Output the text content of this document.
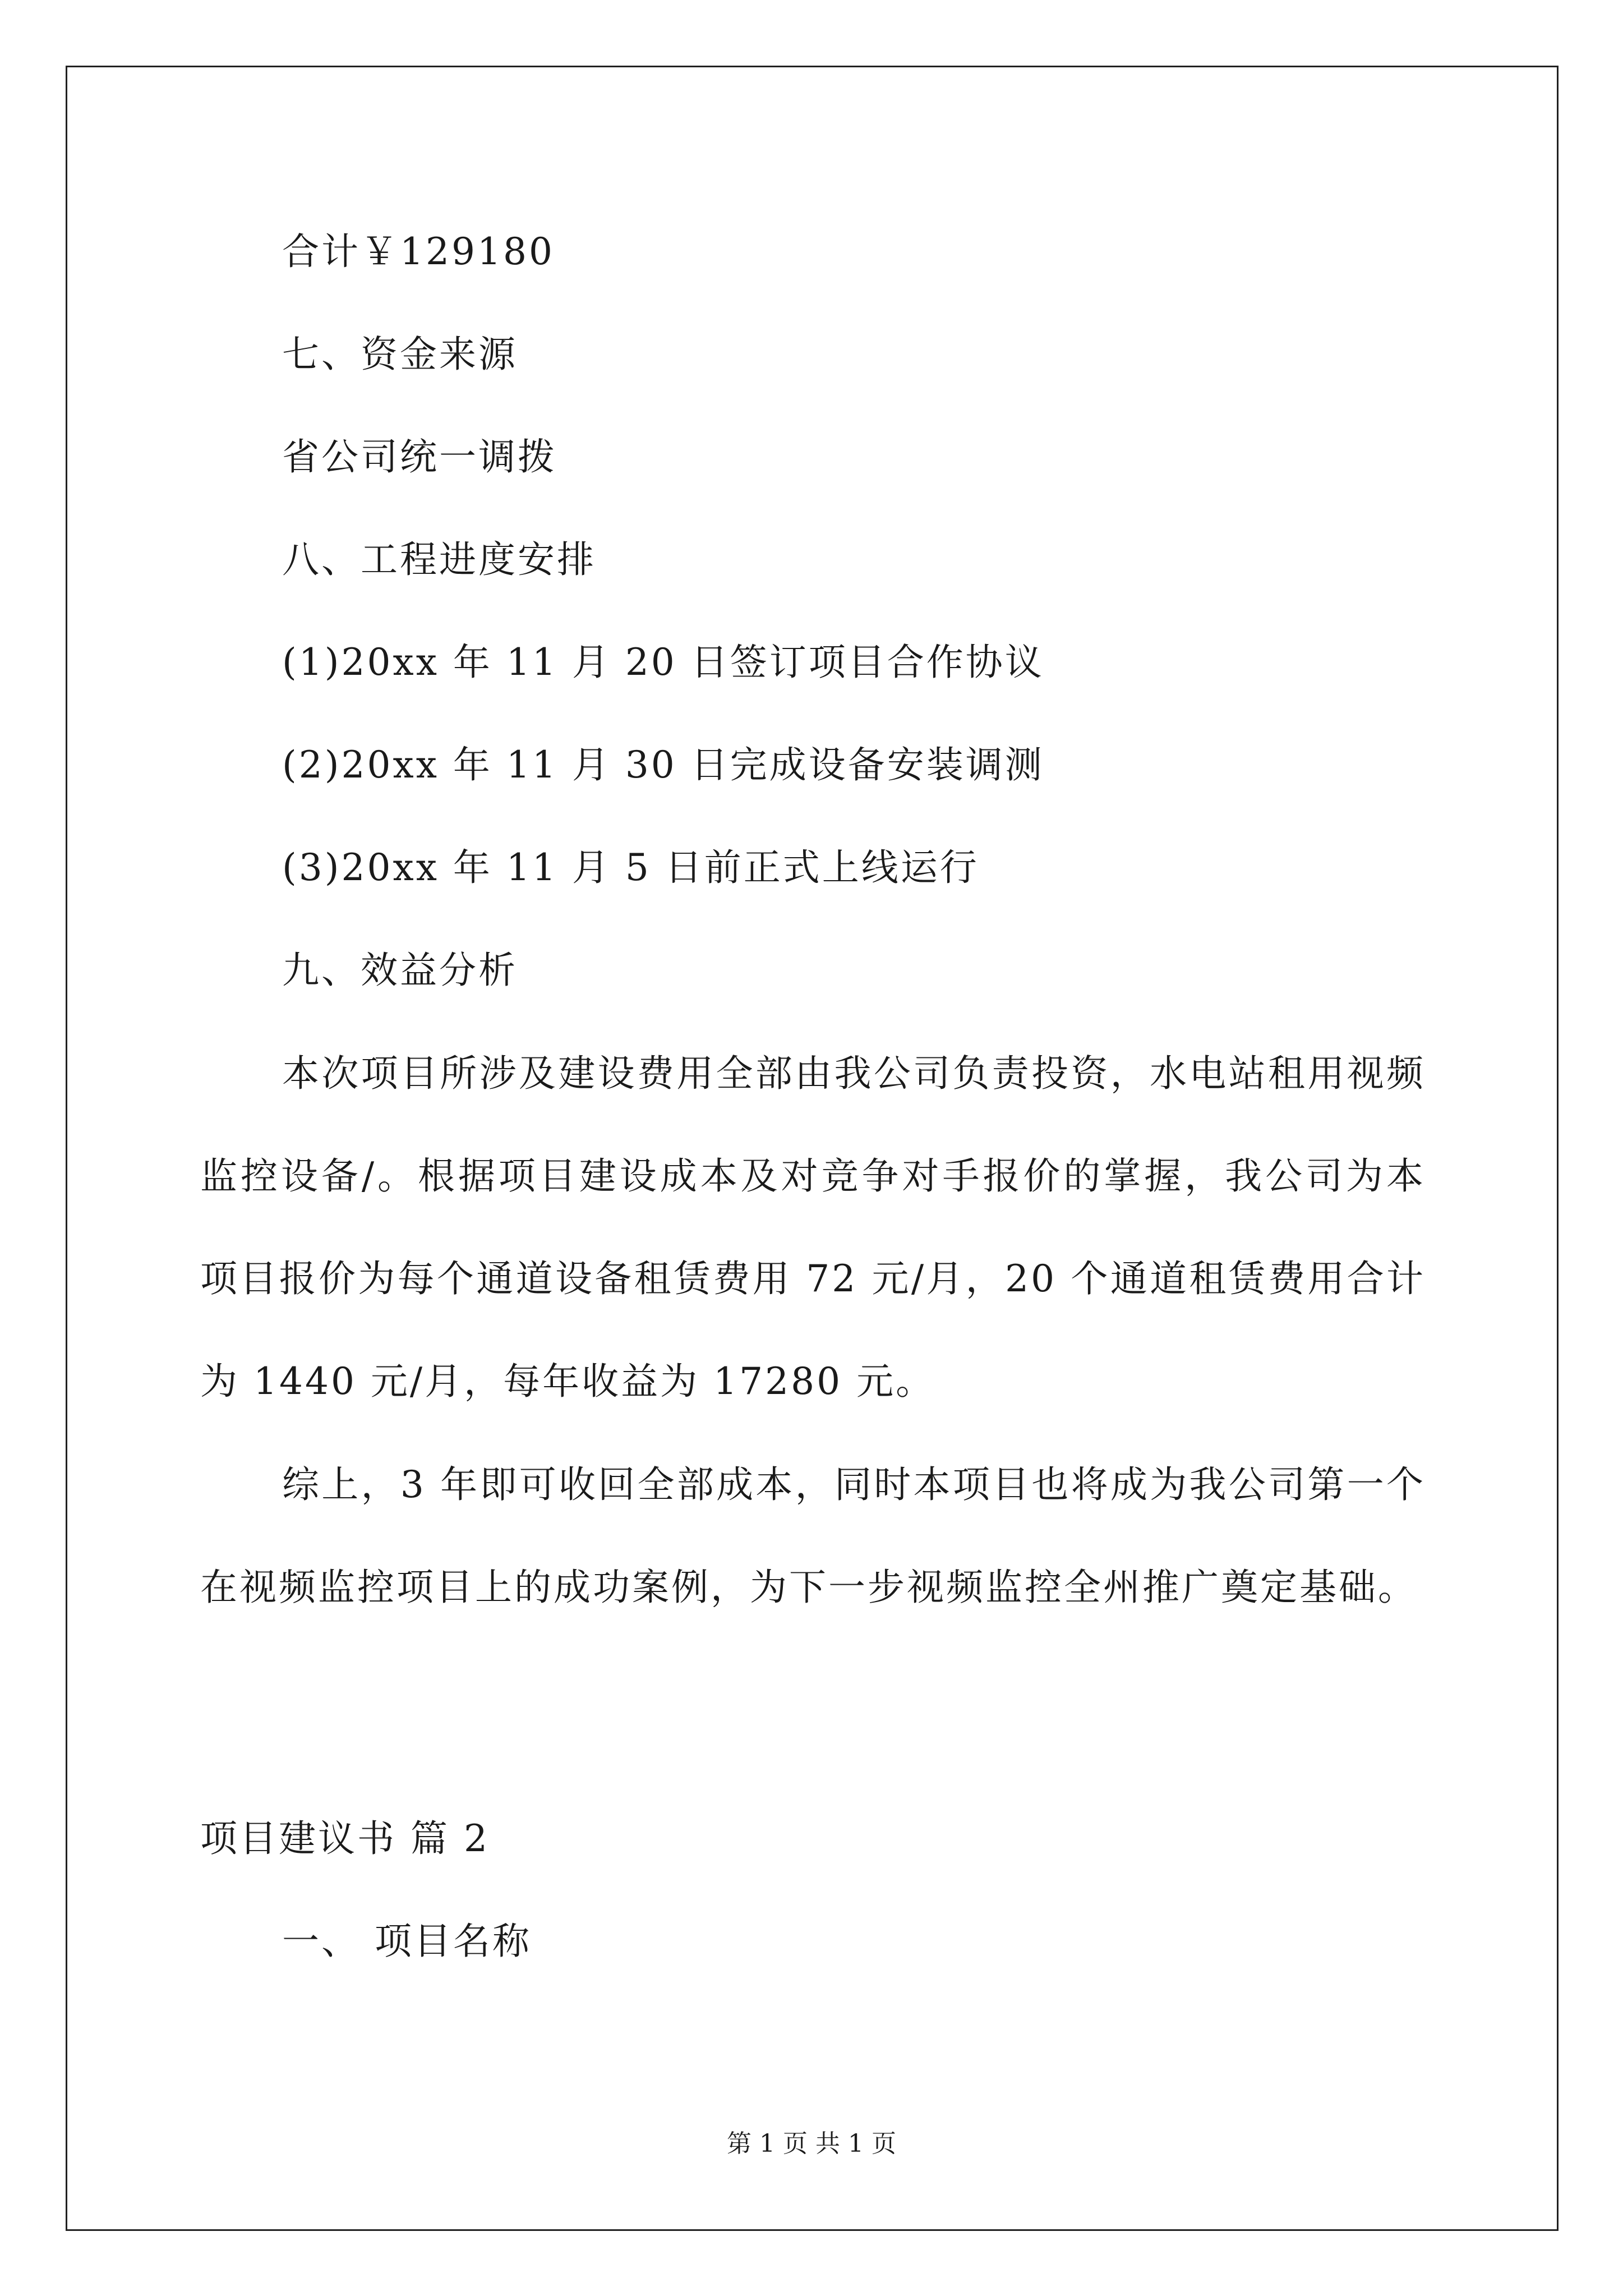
合计￥129180
七、资金来源
省公司统一调拨
八、工程进度安排
(1)20xx 年 11 月 20 日签订项目合作协议
(2)20xx 年 11 月 30 日完成设备安装调测
(3)20xx 年 11 月 5 日前正式上线运行
九、效益分析
本次项目所涉及建设费用全部由我公司负责投资，水电站租用视频监控设备/。根据项目建设成本及对竞争对手报价的掌握，我公司为本项目报价为每个通道设备租赁费用 72 元/月，20 个通道租赁费用合计为 1440 元/月，每年收益为 17280 元。
综上，3 年即可收回全部成本，同时本项目也将成为我公司第一个在视频监控项目上的成功案例，为下一步视频监控全州推广奠定基础。
项目建议书 篇 2
一、 项目名称
第 1 页 共 1 页
